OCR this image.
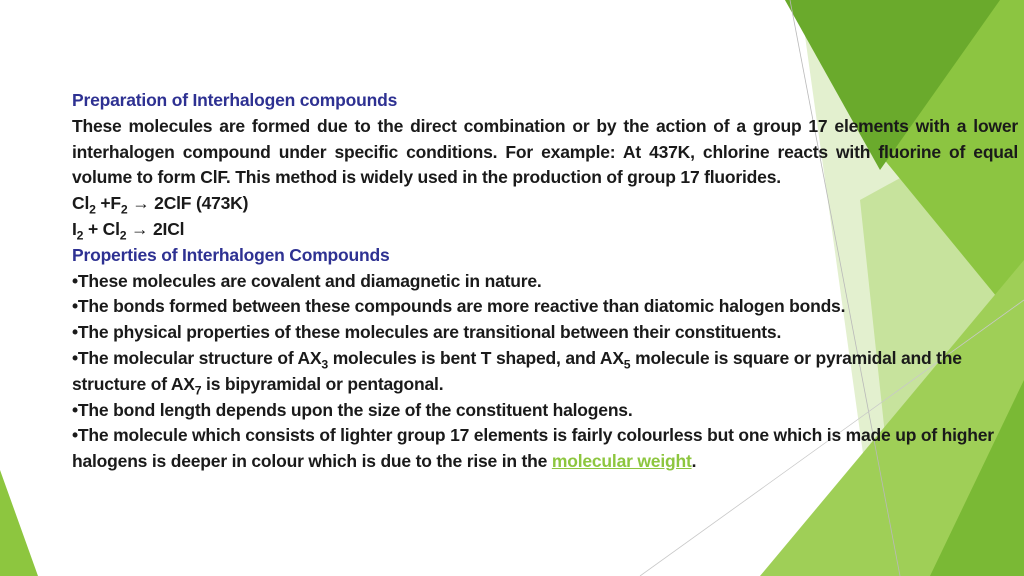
Preparation of Interhalogen compounds

These molecules are formed due to the direct combination or by the action of a group 17 elements with a lower interhalogen compound under specific conditions. For example: At 437K, chlorine reacts with fluorine of equal volume to form ClF. This method is widely used in the production of group 17 fluorides.

$Cl_2 +F_2 \to 2ClF$ (473K)

$I_2 + Cl_2 \to 2ICl$

Properties of Interhalogen Compounds

•These molecules are covalent and diamagnetic in nature.

•The bonds formed between these compounds are more reactive than diatomic halogen bonds.

•The physical properties of these molecules are transitional between their constituents.

•The molecular structure of $AX_3$ molecules is bent T shaped, and $AX_5$ molecule is square or pyramidal and the structure of $AX_7$ is bipyramidal or pentagonal.

•The bond length depends upon the size of the constituent halogens.

•The molecule which consists of lighter group 17 elements is fairly colourless but one which is made up of higher halogens is deeper in colour which is due to the rise in the molecular weight.
